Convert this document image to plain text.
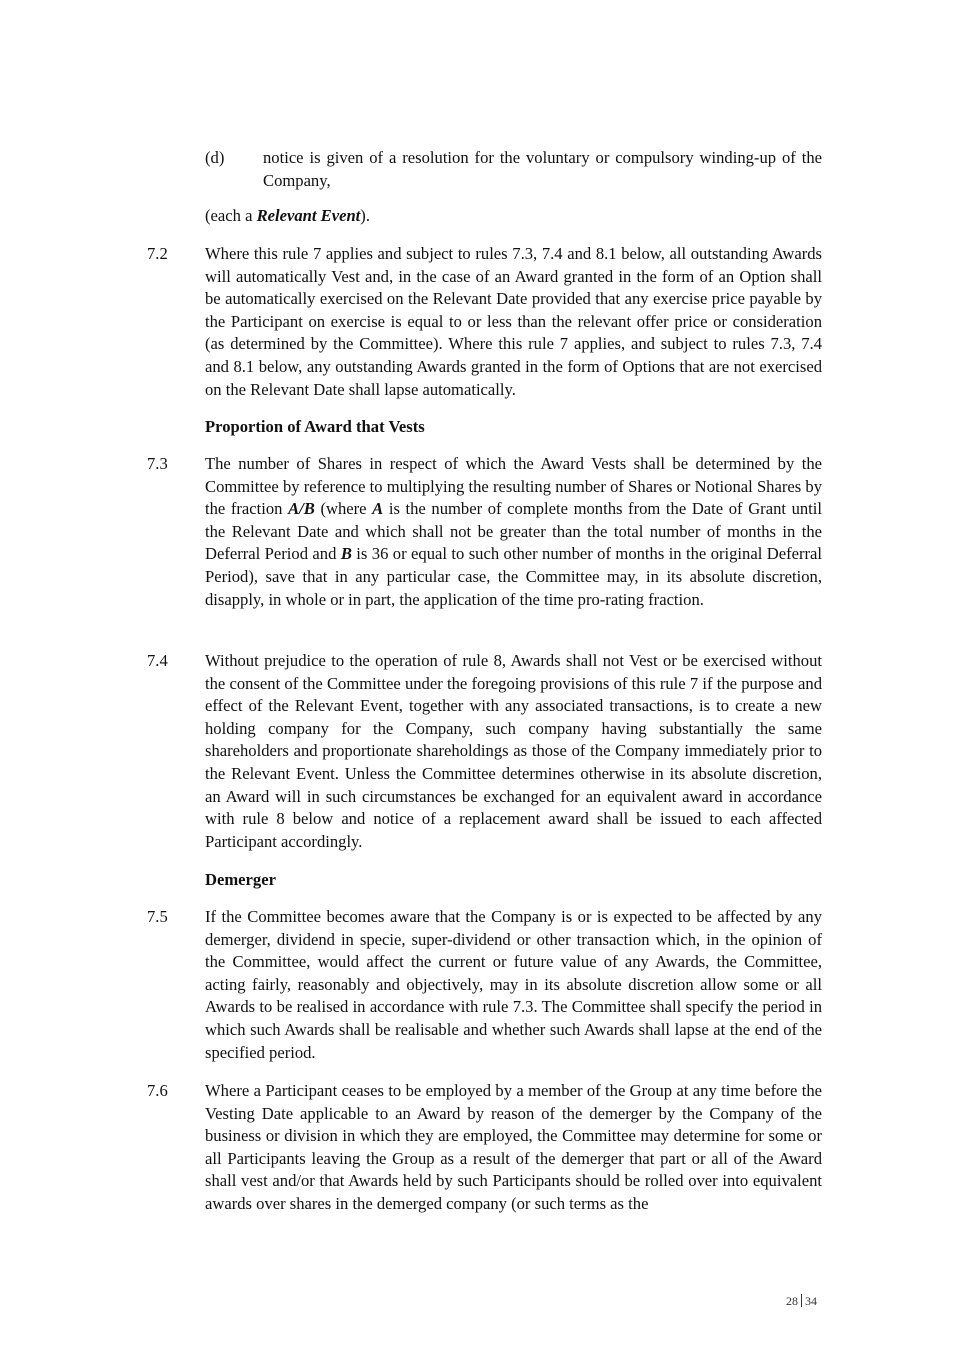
(d) notice is given of a resolution for the voluntary or compulsory winding-up of the Company,
(each a Relevant Event).
7.2 Where this rule 7 applies and subject to rules 7.3, 7.4 and 8.1 below, all outstanding Awards will automatically Vest and, in the case of an Award granted in the form of an Option shall be automatically exercised on the Relevant Date provided that any exercise price payable by the Participant on exercise is equal to or less than the relevant offer price or consideration (as determined by the Committee). Where this rule 7 applies, and subject to rules 7.3, 7.4 and 8.1 below, any outstanding Awards granted in the form of Options that are not exercised on the Relevant Date shall lapse automatically.
Proportion of Award that Vests
7.3 The number of Shares in respect of which the Award Vests shall be determined by the Committee by reference to multiplying the resulting number of Shares or Notional Shares by the fraction A/B (where A is the number of complete months from the Date of Grant until the Relevant Date and which shall not be greater than the total number of months in the Deferral Period and B is 36 or equal to such other number of months in the original Deferral Period), save that in any particular case, the Committee may, in its absolute discretion, disapply, in whole or in part, the application of the time pro-rating fraction.
7.4 Without prejudice to the operation of rule 8, Awards shall not Vest or be exercised without the consent of the Committee under the foregoing provisions of this rule 7 if the purpose and effect of the Relevant Event, together with any associated transactions, is to create a new holding company for the Company, such company having substantially the same shareholders and proportionate shareholdings as those of the Company immediately prior to the Relevant Event. Unless the Committee determines otherwise in its absolute discretion, an Award will in such circumstances be exchanged for an equivalent award in accordance with rule 8 below and notice of a replacement award shall be issued to each affected Participant accordingly.
Demerger
7.5 If the Committee becomes aware that the Company is or is expected to be affected by any demerger, dividend in specie, super-dividend or other transaction which, in the opinion of the Committee, would affect the current or future value of any Awards, the Committee, acting fairly, reasonably and objectively, may in its absolute discretion allow some or all Awards to be realised in accordance with rule 7.3. The Committee shall specify the period in which such Awards shall be realisable and whether such Awards shall lapse at the end of the specified period.
7.6 Where a Participant ceases to be employed by a member of the Group at any time before the Vesting Date applicable to an Award by reason of the demerger by the Company of the business or division in which they are employed, the Committee may determine for some or all Participants leaving the Group as a result of the demerger that part or all of the Award shall vest and/or that Awards held by such Participants should be rolled over into equivalent awards over shares in the demerged company (or such terms as the
28 34
